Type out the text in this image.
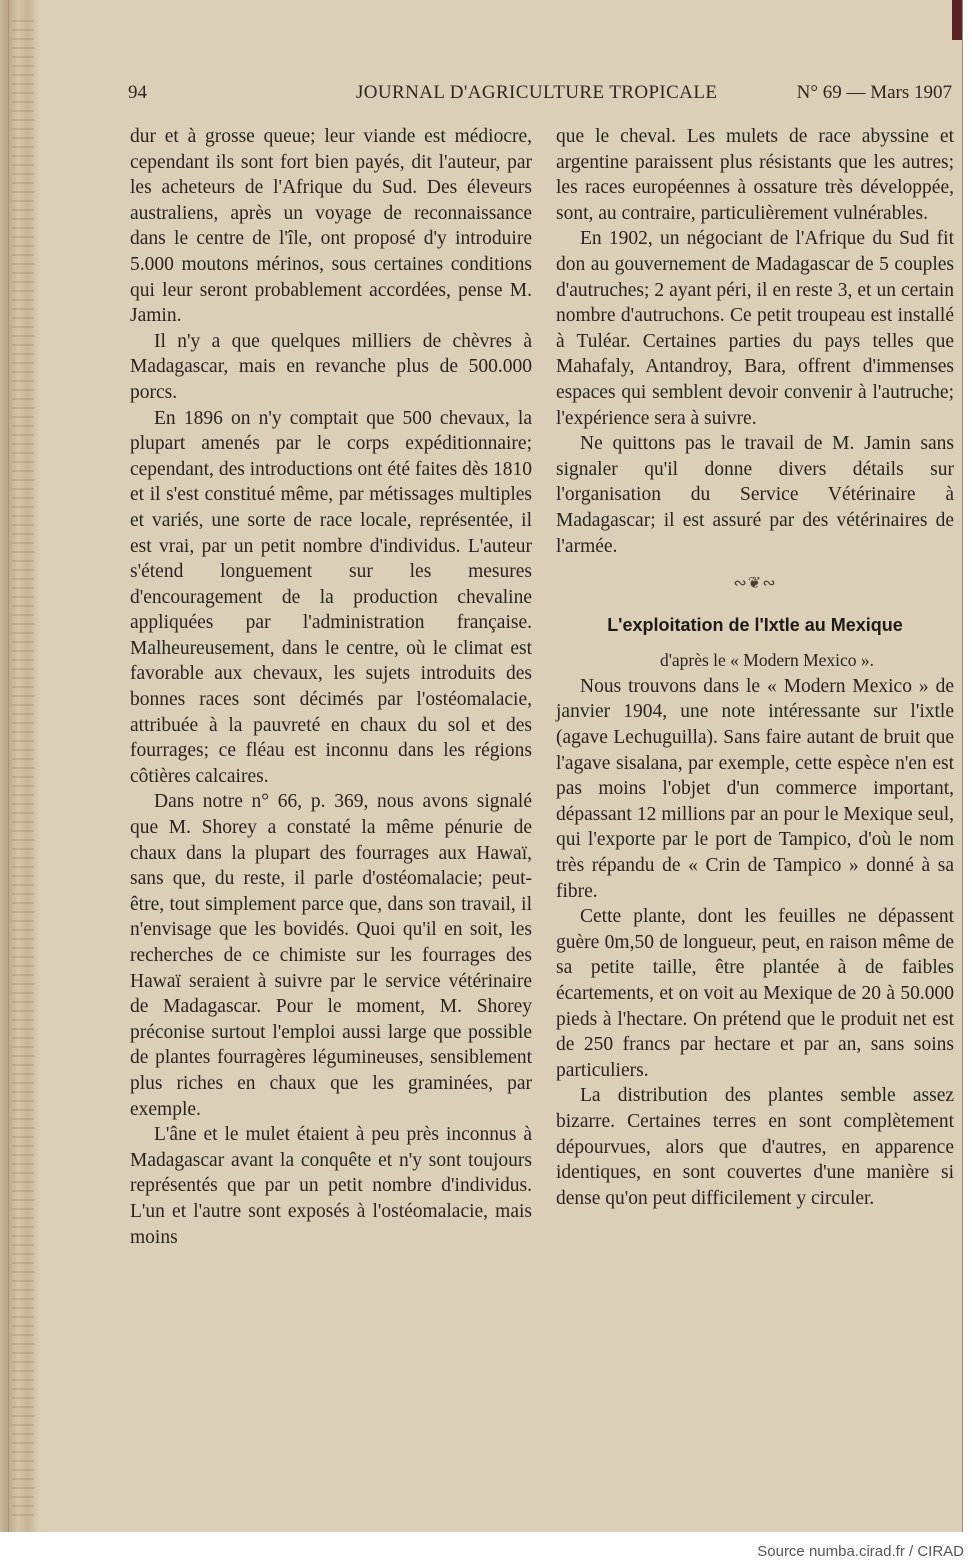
94	JOURNAL D'AGRICULTURE TROPICALE	N° 69 — Mars 1907

dur et à grosse queue; leur viande est médiocre, cependant ils sont fort bien payés, dit l'auteur, par les acheteurs de l'Afrique du Sud. Des éleveurs australiens, après un voyage de reconnaissance dans le centre de l'île, ont proposé d'y introduire 5.000 moutons mérinos, sous certaines conditions qui leur seront probablement accordées, pense M. Jamin.

Il n'y a que quelques milliers de chèvres à Madagascar, mais en revanche plus de 500.000 porcs.

En 1896 on n'y comptait que 500 chevaux, la plupart amenés par le corps expéditionnaire; cependant, des introductions ont été faites dès 1810 et il s'est constitué même, par métissages multiples et variés, une sorte de race locale, représentée, il est vrai, par un petit nombre d'individus. L'auteur s'étend longuement sur les mesures d'encouragement de la production chevaline appliquées par l'administration française. Malheureusement, dans le centre, où le climat est favorable aux chevaux, les sujets introduits des bonnes races sont décimés par l'ostéomalacie, attribuée à la pauvreté en chaux du sol et des fourrages; ce fléau est inconnu dans les régions côtières calcaires.

Dans notre n° 66, p. 369, nous avons signalé que M. Shorey a constaté la même pénurie de chaux dans la plupart des fourrages aux Hawaï, sans que, du reste, il parle d'ostéomalacie; peut-être, tout simplement parce que, dans son travail, il n'envisage que les bovidés. Quoi qu'il en soit, les recherches de ce chimiste sur les fourrages des Hawaï seraient à suivre par le service vétérinaire de Madagascar. Pour le moment, M. Shorey préconise surtout l'emploi aussi large que possible de plantes fourragères légumineuses, sensiblement plus riches en chaux que les graminées, par exemple.

L'âne et le mulet étaient à peu près inconnus à Madagascar avant la conquête et n'y sont toujours représentés que par un petit nombre d'individus. L'un et l'autre sont exposés à l'ostéomalacie, mais moins

que le cheval. Les mulets de race abyssine et argentine paraissent plus résistants que les autres; les races européennes à ossature très développée, sont, au contraire, particulièrement vulnérables.

En 1902, un négociant de l'Afrique du Sud fit don au gouvernement de Madagascar de 5 couples d'autruches; 2 ayant péri, il en reste 3, et un certain nombre d'autruchons. Ce petit troupeau est installé à Tuléar. Certaines parties du pays telles que Mahafaly, Antandroy, Bara, offrent d'immenses espaces qui semblent devoir convenir à l'autruche; l'expérience sera à suivre.

Ne quittons pas le travail de M. Jamin sans signaler qu'il donne divers détails sur l'organisation du Service Vétérinaire à Madagascar; il est assuré par des vétérinaires de l'armée.

∾❦∾
L'exploitation de l'Ixtle au Mexique

d'après le « Modern Mexico ».

Nous trouvons dans le « Modern Mexico » de janvier 1904, une note intéressante sur l'ixtle (agave Lechuguilla). Sans faire autant de bruit que l'agave sisalana, par exemple, cette espèce n'en est pas moins l'objet d'un commerce important, dépassant 12 millions par an pour le Mexique seul, qui l'exporte par le port de Tampico, d'où le nom très répandu de « Crin de Tampico » donné à sa fibre.

Cette plante, dont les feuilles ne dépassent guère 0m,50 de longueur, peut, en raison même de sa petite taille, être plantée à de faibles écartements, et on voit au Mexique de 20 à 50.000 pieds à l'hectare. On prétend que le produit net est de 250 francs par hectare et par an, sans soins particuliers.

La distribution des plantes semble assez bizarre. Certaines terres en sont complètement dépourvues, alors que d'autres, en apparence identiques, en sont couvertes d'une manière si dense qu'on peut difficilement y circuler.

Source numba.cirad.fr / CIRAD
